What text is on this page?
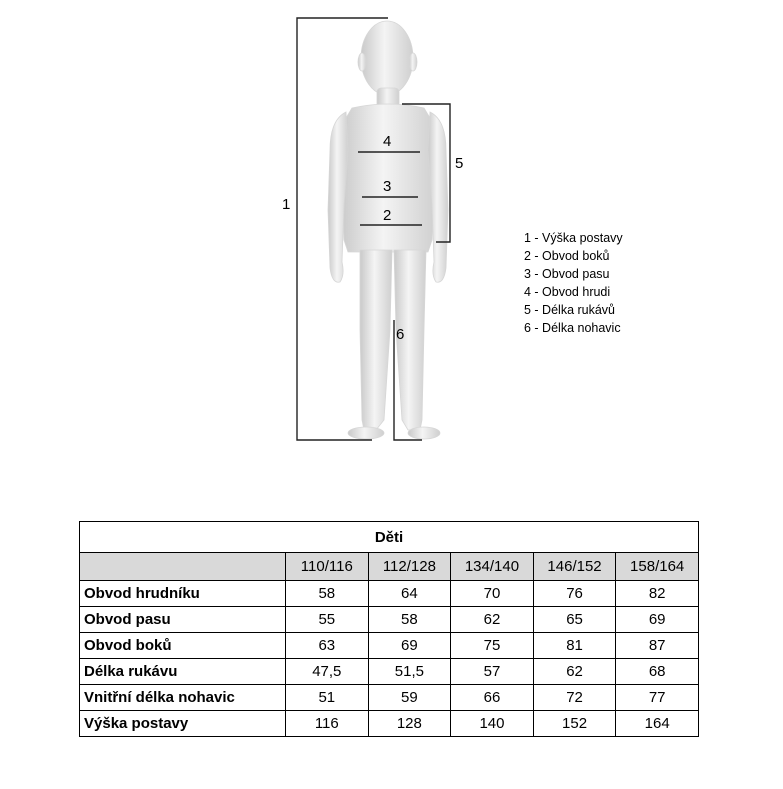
1
4
3
2
5
6
1 - Výška postavy
2 - Obvod boků
3 - Obvod pasu
4 - Obvod hrudi
5 - Délka rukávů
6 - Délka nohavic
Děti					
	110/116	112/128	134/140	146/152	158/164
Obvod hrudníku	58	64	70	76	82
Obvod pasu	55	58	62	65	69
Obvod boků	63	69	75	81	87
Délka rukávu	47,5	51,5	57	62	68
Vnitřní délka nohavic	51	59	66	72	77
Výška postavy	116	128	140	152	164
